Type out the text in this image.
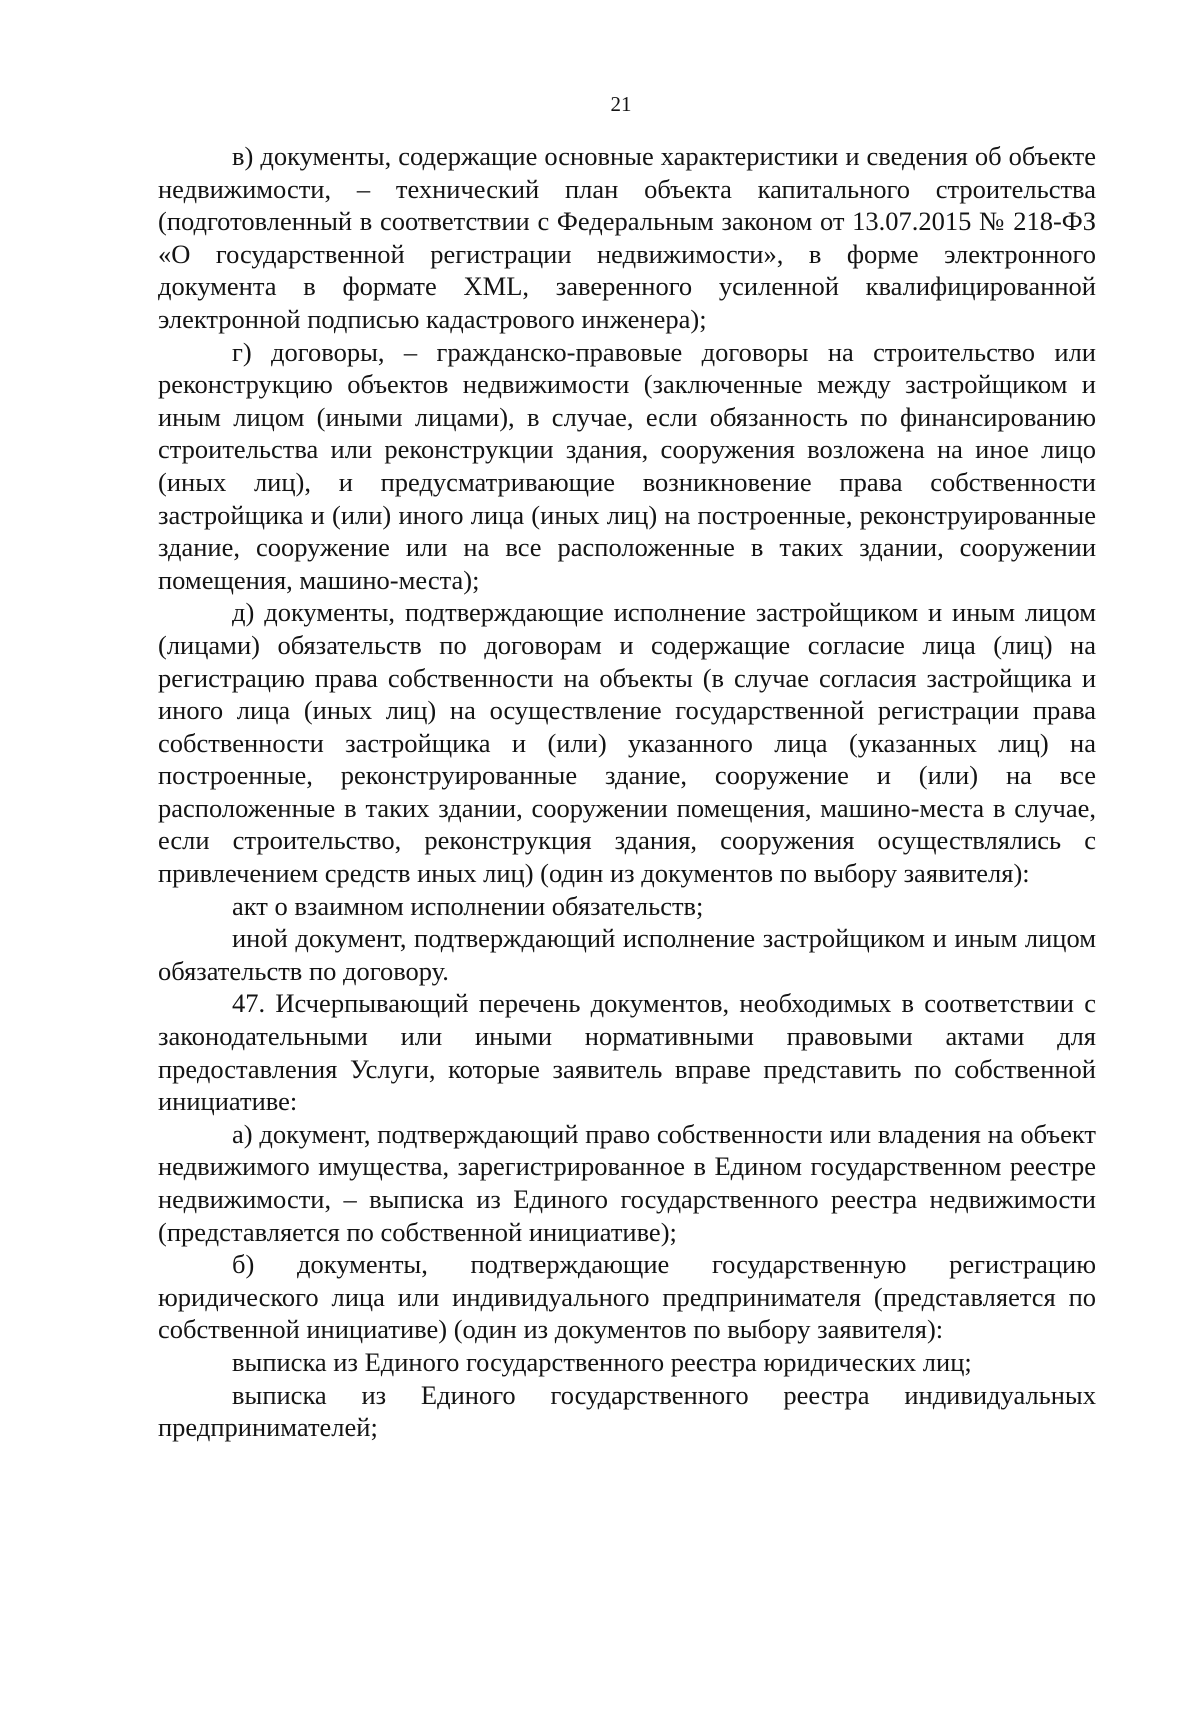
21

в) документы, содержащие основные характеристики и сведения об объекте недвижимости, – технический план объекта капитального строительства (подготовленный в соответствии с Федеральным законом от 13.07.2015 № 218-ФЗ «О государственной регистрации недвижимости», в форме электронного документа в формате XML, заверенного усиленной квалифицированной электронной подписью кадастрового инженера);

г) договоры, – гражданско-правовые договоры на строительство или реконструкцию объектов недвижимости (заключенные между застройщиком и иным лицом (иными лицами), в случае, если обязанность по финансированию строительства или реконструкции здания, сооружения возложена на иное лицо (иных лиц), и предусматривающие возникновение права собственности застройщика и (или) иного лица (иных лиц) на построенные, реконструированные здание, сооружение или на все расположенные в таких здании, сооружении помещения, машино-места);

д) документы, подтверждающие исполнение застройщиком и иным лицом (лицами) обязательств по договорам и содержащие согласие лица (лиц) на регистрацию права собственности на объекты (в случае согласия застройщика и иного лица (иных лиц) на осуществление государственной регистрации права собственности застройщика и (или) указанного лица (указанных лиц) на построенные, реконструированные здание, сооружение и (или) на все расположенные в таких здании, сооружении помещения, машино-места в случае, если строительство, реконструкция здания, сооружения осуществлялись с привлечением средств иных лиц) (один из документов по выбору заявителя):

акт о взаимном исполнении обязательств;

иной документ, подтверждающий исполнение застройщиком и иным лицом обязательств по договору.

47. Исчерпывающий перечень документов, необходимых в соответствии с законодательными или иными нормативными правовыми актами для предоставления Услуги, которые заявитель вправе представить по собственной инициативе:

а) документ, подтверждающий право собственности или владения на объект недвижимого имущества, зарегистрированное в Едином государственном реестре недвижимости, – выписка из Единого государственного реестра недвижимости (представляется по собственной инициативе);

б) документы, подтверждающие государственную регистрацию юридического лица или индивидуального предпринимателя (представляется по собственной инициативе) (один из документов по выбору заявителя):

выписка из Единого государственного реестра юридических лиц;

выписка из Единого государственного реестра индивидуальных предпринимателей;
